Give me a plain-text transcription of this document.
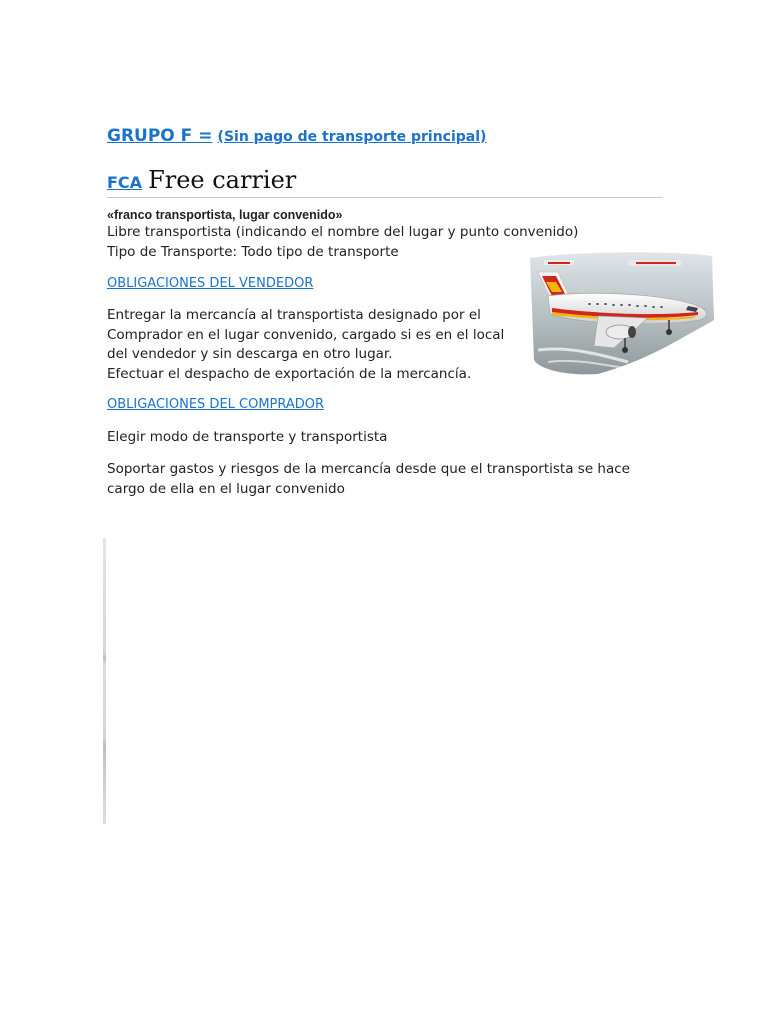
GRUPO F = (Sin pago de transporte principal)
FCA Free carrier
«franco transportista, lugar convenido»
Libre transportista (indicando el nombre del lugar y punto convenido)
Tipo de Transporte: Todo tipo de transporte
OBLIGACIONES DEL VENDEDOR
Entregar la mercancía al transportista designado por el
Comprador en el lugar convenido, cargado si es en el local
del vendedor y sin descarga en otro lugar.
Efectuar el despacho de exportación de la mercancía.
OBLIGACIONES DEL COMPRADOR
Elegir modo de transporte y transportista
Soportar gastos y riesgos de la mercancía desde que el transportista se hace
cargo de ella en el lugar convenido
